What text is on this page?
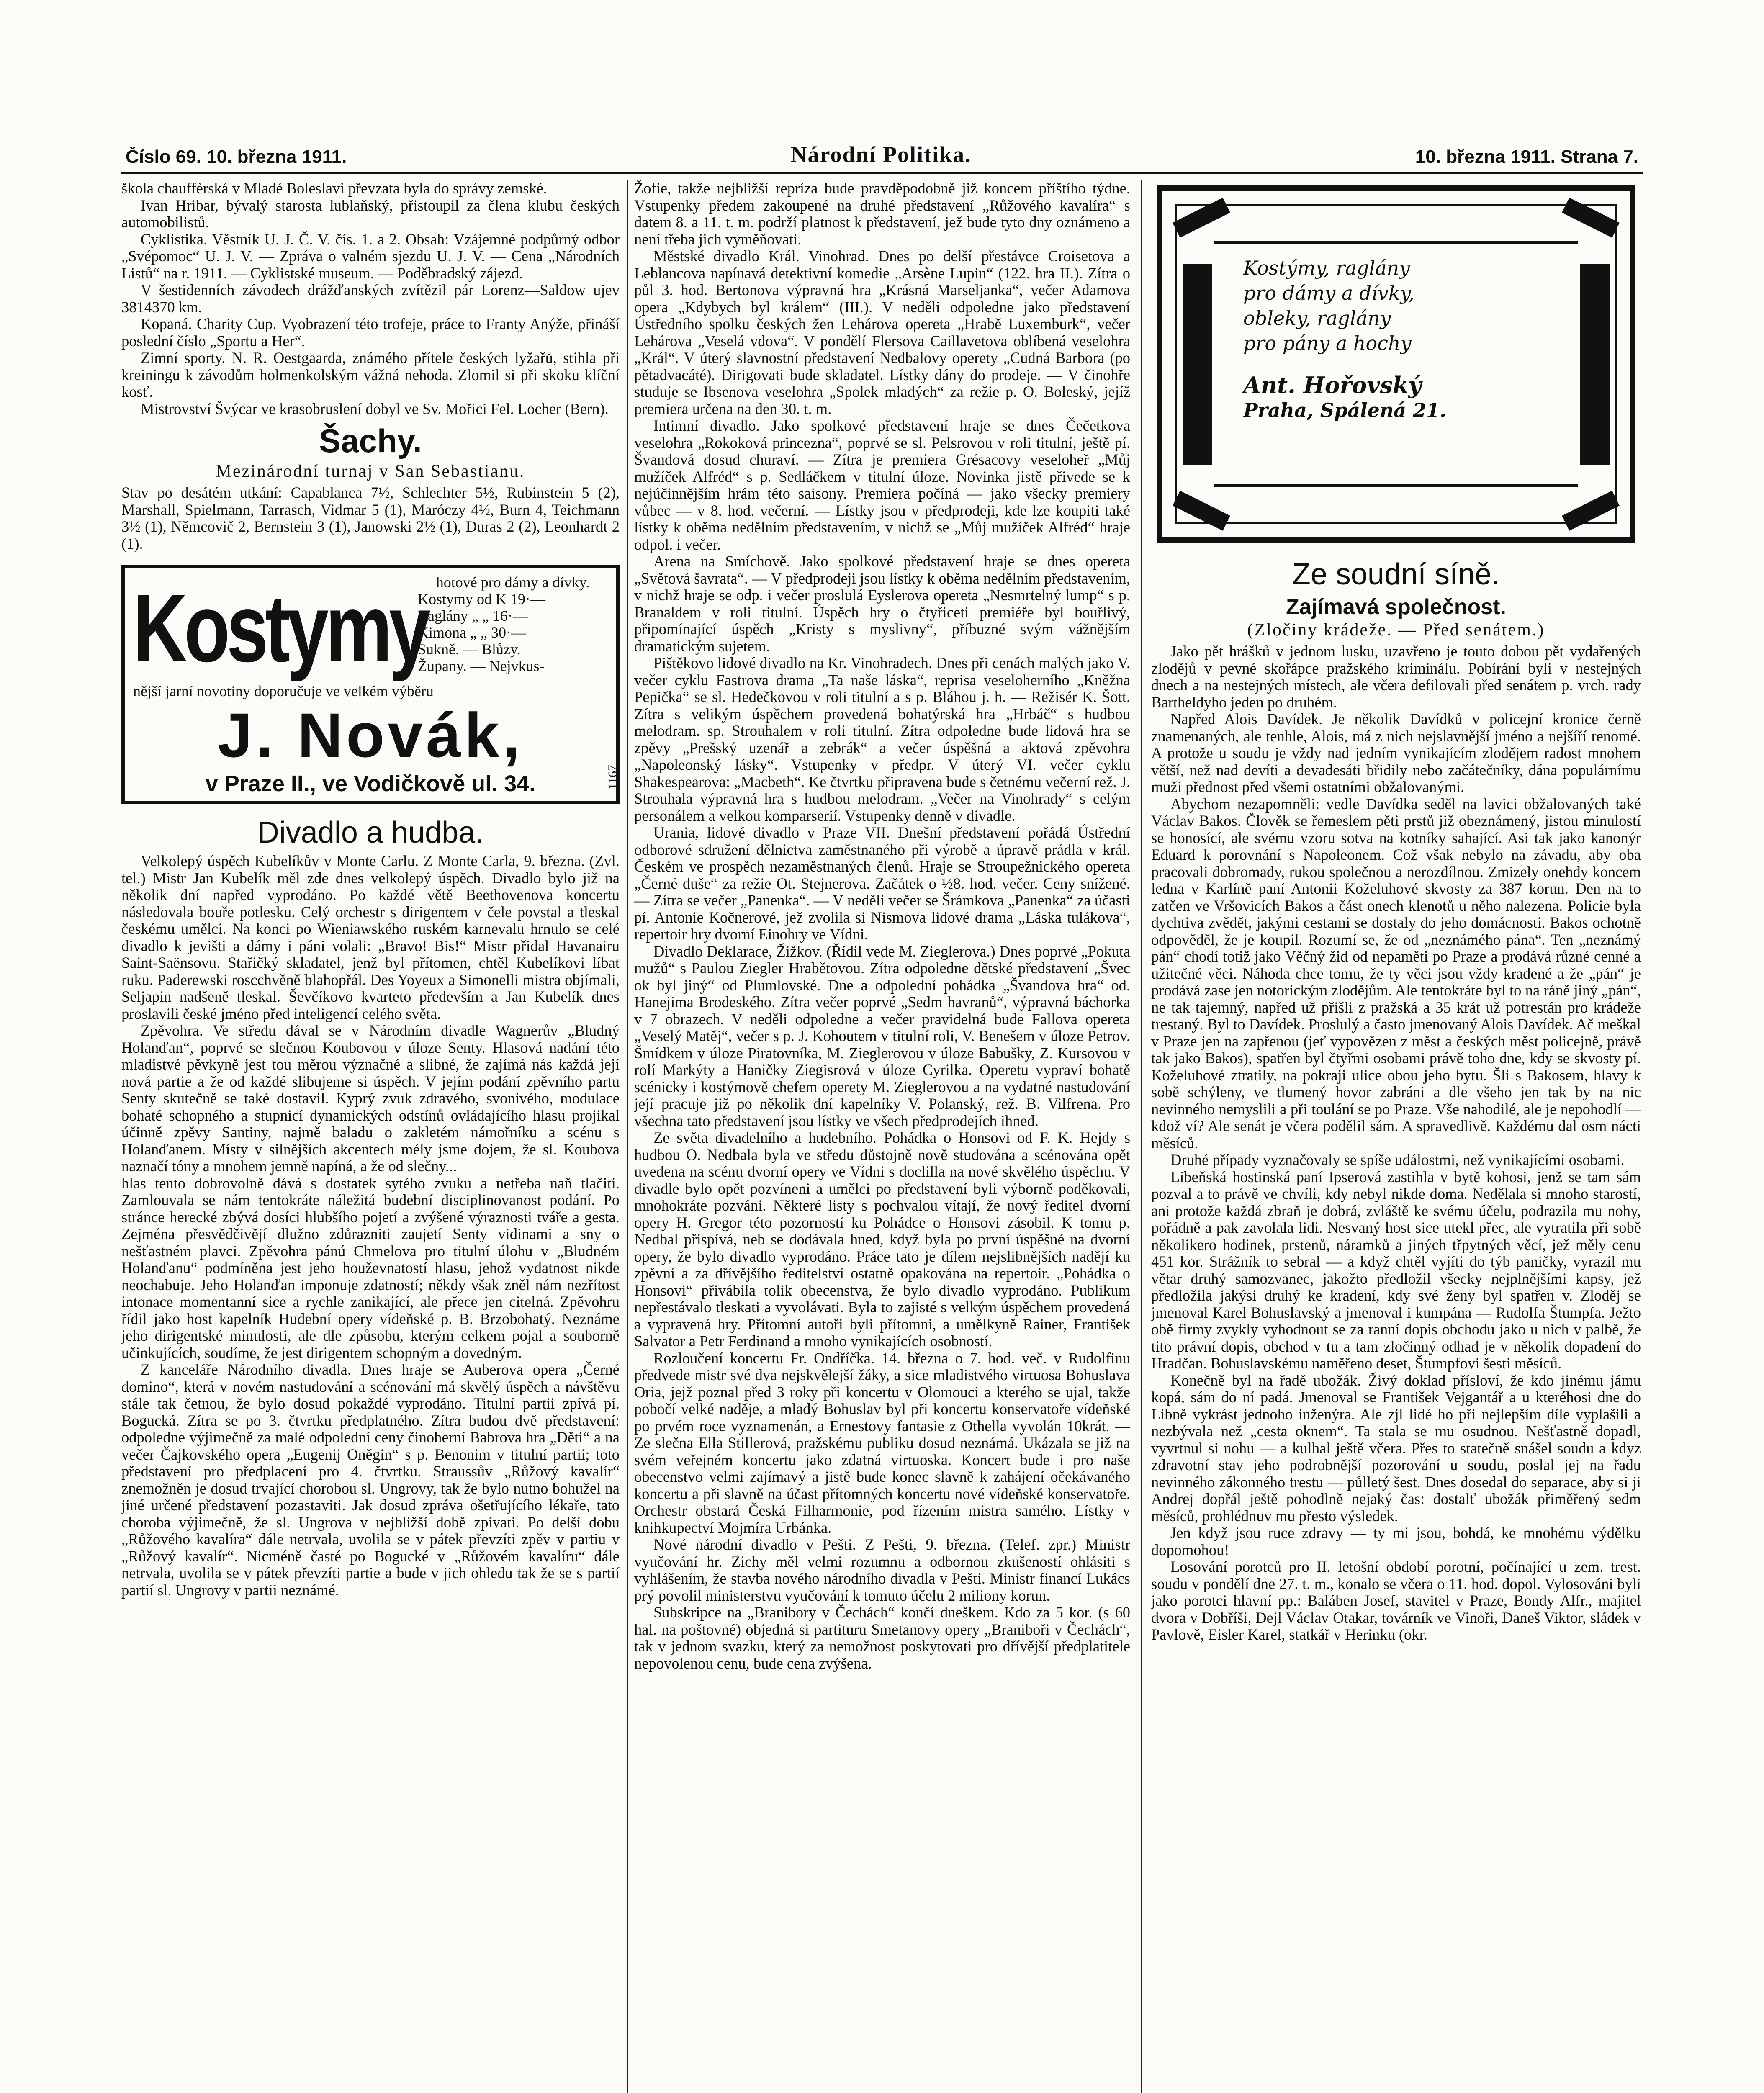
Číslo 69. 10. března 1911.	Národní Politika.	10. března 1911. Strana 7.

škola chauffèrská v Mladé Boleslavi převzata byla do správy zemské.

Ivan Hribar, bývalý starosta lublaňský, přistoupil za člena klubu českých automobilistů.

Cyklistika. Věstník U. J. Č. V. čís. 1. a 2. Obsah: Vzájemné podpůrný odbor „Svépomoc“ U. J. V. — Zpráva o valném sjezdu U. J. V. — Cena „Národních Listů“ na r. 1911. — Cyklistské museum. — Poděbradský zájezd.

V šestidenních závodech drážďanských zvítězil pár Lorenz—Saldow ujev 3814370 km.

Kopaná. Charity Cup. Vyobrazení této trofeje, práce to Franty Anýže, přináší poslední číslo „Sportu a Her“.

Zimní sporty. N. R. Oestgaarda, známého přítele českých lyžařů, stihla při kreiningu k závodům holmenkolským vážná nehoda. Zlomil si při skoku klíční kosť.

Mistrovství Švýcar ve krasobruslení dobyl ve Sv. Mořici Fel. Locher (Bern).

Šachy.
Mezinárodní turnaj v San Sebastianu.

Stav po desátém utkání: Capablanca 7½, Schlechter 5½, Rubinstein 5 (2), Marshall, Spielmann, Tarrasch, Vidmar 5 (1), Maróczy 4½, Burn 4, Teichmann 3½ (1), Němcovič 2, Bernstein 3 (1), Janowski 2½ (1), Duras 2 (2), Leonhardt 2 (1).

Kostymy hotové pro dámy a dívky.
Kostymy od K 19·—
Raglány „ „ 16·—
Kimona „ „ 30·—
Sukně. — Blůzy.
Župany. — Nejvkus-
nější jarní novotiny doporučuje ve velkém výběru
J. Novák,
1167
v Praze II., ve Vodičkově ul. 34.
Divadlo a hudba.

Velkolepý úspěch Kubelíkův v Monte Carlu. Z Monte Carla, 9. března. (Zvl. tel.) Mistr Jan Kubelík měl zde dnes velkolepý úspěch. Divadlo bylo již na několik dní napřed vyprodáno. Po každé větě Beethovenova koncertu následovala bouře potlesku. Celý orchestr s dirigentem v čele povstal a tleskal českému umělci. Na konci po Wieniawského ruském karnevalu hrnulo se celé divadlo k jevišti a dámy i páni volali: „Bravo! Bis!“ Mistr přidal Havanairu Saint-Saënsovu. Stařičký skladatel, jenž byl přítomen, chtěl Kubelíkovi líbat ruku. Paderewski roscchvěně blahopřál. Des Yoyeux a Simonelli mistra objímali, Seljapin nadšeně tleskal. Ševčíkovo kvarteto především a Jan Kubelík dnes proslavili české jméno před inteligencí celého světa.

Zpěvohra. Ve středu dával se v Národním divadle Wagnerův „Bludný Holanďan“, poprvé se slečnou Koubovou v úloze Senty. Hlasová nadání této mladistvé pěvkyně jest tou měrou význačné a slibné, že zajímá nás každá její nová partie a že od každé slibujeme si úspěch. V jejím podání zpěvního partu Senty skutečně se také dostavil. Kyprý zvuk zdravého, svonivého, modulace bohaté schopného a stupnicí dynamických odstínů ovládajícího hlasu projikal účinně zpěvy Santiny, najmě baladu o zakletém námořníku a scénu s Holanďanem. Místy v silnějších akcentech mély jsme dojem, že sl. Koubova naznačí tóny a mnohem jemně napíná, a že od slečny...

hlas tento dobrovolně dává s dostatek sytého zvuku a netřeba naň tlačiti. Zamlouvala se nám tentokráte náležitá budební disciplinovanost podání. Po stránce herecké zbývá dosíci hlubšího pojetí a zvýšené výraznosti tváře a gesta. Zejména přesvědčivějí dlužno zdůrazniti zaujetí Senty vidinami a sny o nešťastném plavci. Zpěvohra pánú Chmelova pro titulní úlohu v „Bludném Holanďanu“ podmíněna jest jeho houževnatostí hlasu, jehož vydatnost nikde neochabuje. Jeho Holanďan imponuje zdatností; někdy však zněl nám nezřítost intonace momentanní sice a rychle zanikající, ale přece jen citelná. Zpěvohru řídil jako host kapelník Hudební opery vídeňské p. B. Brzobohatý. Neznáme jeho dirigentské minulosti, ale dle způsobu, kterým celkem pojal a souborně učinkujících, soudíme, že jest dirigentem schopným a dovedným.

Z kanceláře Národního divadla. Dnes hraje se Auberova opera „Černé domino“, která v novém nastudování a scénování má skvělý úspěch a návštěvu stále tak četnou, že bylo dosud pokaždé vyprodáno. Titulní partii zpívá pí. Bogucká. Zítra se po 3. čtvrtku předplatného. Zítra budou dvě představení: odpoledne výjimečně za malé odpolední ceny činoherní Babrova hra „Děti“ a na večer Čajkovského opera „Eugenij Oněgin“ s p. Benonim v titulní partii; toto představení pro předplacení pro 4. čtvrtku. Straussův „Růžový kavalír“ znemožněn je dosud trvající chorobou sl. Ungrovy, tak že bylo nutno bohužel na jiné určené představení pozastaviti. Jak dosud zpráva ošetřujícího lékaře, tato choroba výjimečně, že sl. Ungrova v nejbližší době zpívati. Po delší dobu „Růžového kavalíra“ dále netrvala, uvolila se v pátek převzíti zpěv v partiu v „Růžový kavalír“. Nicméně časté po Bogucké v „Růžovém kavalíru“ dále netrvala, uvolila se v pátek převzíti partie a bude v jich ohledu tak že se s partií partií sl. Ungrovy v partii neznámé.

Žofie, takže nejbližší repríza bude pravděpodobně již koncem příštího týdne. Vstupenky předem zakoupené na druhé představení „Růžového kavalíra“ s datem 8. a 11. t. m. podrží platnost k představení, jež bude tyto dny oznámeno a není třeba jich vyměňovati.

Městské divadlo Král. Vinohrad. Dnes po delší přestávce Croisetova a Leblancova napínavá detektivní komedie „Arsène Lupin“ (122. hra II.). Zítra o půl 3. hod. Bertonova výpravná hra „Krásná Marseljanka“, večer Adamova opera „Kdybych byl králem“ (III.). V neděli odpoledne jako představení Ústředního spolku českých žen Lehárova opereta „Hrabě Luxemburk“, večer Lehárova „Veselá vdova“. V pondělí Flersova Caillavetova oblíbená veselohra „Král“. V úterý slavnostní představení Nedbalovy operety „Cudná Barbora (po pětadvacáté). Dirigovati bude skladatel. Lístky dány do prodeje. — V činohře studuje se Ibsenova veselohra „Spolek mladých“ za režie p. O. Boleský, jejíž premiera určena na den 30. t. m.

Intimní divadlo. Jako spolkové představení hraje se dnes Čečetkova veselohra „Rokoková princezna“, poprvé se sl. Pelsrovou v roli titulní, ještě pí. Švandová dosud churaví. — Zítra je premiera Grésacovy veseloheř „Můj mužíček Alfréd“ s p. Sedláčkem v titulní úloze. Novinka jistě přivede se k nejúčinnějším hrám této saisony. Premiera počíná — jako všecky premiery vůbec — v 8. hod. večerní. — Lístky jsou v předprodeji, kde lze koupiti také lístky k oběma nedělním představením, v nichž se „Můj mužíček Alfréd“ hraje odpol. i večer.

Arena na Smíchově. Jako spolkové představení hraje se dnes opereta „Světová šavrata“. — V předprodeji jsou lístky k oběma nedělním představením, v nichž hraje se odp. i večer proslulá Eyslerova opereta „Nesmrtelný lump“ s p. Branaldem v roli titulní. Úspěch hry o čtyřiceti premiéře byl bouřlivý, připomínající úspěch „Kristy s myslivny“, příbuzné svým vážnějším dramatickým sujetem.

Pištěkovo lidové divadlo na Kr. Vinohradech. Dnes při cenách malých jako V. večer cyklu Fastrova drama „Ta naše láska“, reprisa veseloherního „Kněžna Pepička“ se sl. Hedečkovou v roli titulní a s p. Bláhou j. h. — Režisér K. Šott. Zítra s velikým úspěchem provedená bohatýrská hra „Hrbáč“ s hudbou melodram. sp. Strouhalem v roli titulní. Zítra odpoledne bude lidová hra se zpěvy „Prešský uzenář a zebrák“ a večer úspěšná a aktová zpěvohra „Napoleonský lásky“. Vstupenky v předpr. V úterý VI. večer cyklu Shakespearova: „Macbeth“. Ke čtvrtku připravena bude s četnému večerní rež. J. Strouhala výpravná hra s hudbou melodram. „Večer na Vinohrady“ s celým personálem a velkou komparserií. Vstupenky denně v divadle.

Urania, lidové divadlo v Praze VII. Dnešní představení pořádá Ústřední odborové sdružení dělnictva zaměstnaného při výrobě a úpravě prádla v král. Českém ve prospěch nezaměstnaných členů. Hraje se Stroupežnického opereta „Černé duše“ za režie Ot. Stejnerova. Začátek o ½8. hod. večer. Ceny snížené. — Zítra se večer „Panenka“. — V neděli večer se Šrámkova „Panenka“ za účasti pí. Antonie Kočnerové, jež zvolila si Nismova lidové drama „Láska tulákova“, repertoir hry dvorní Einohry ve Vídni.

Divadlo Deklarace, Žižkov. (Řídil vede M. Zieglerova.) Dnes poprvé „Pokuta mužů“ s Paulou Ziegler Hrabětovou. Zítra odpoledne dětské představení „Švec ok byl jiný“ od Plumlovské. Dne a odpolední pohádka „Švandova hra“ od. Hanejima Brodeského. Zítra večer poprvé „Sedm havranů“, výpravná báchorka v 7 obrazech. V neděli odpoledne a večer pravidelná bude Fallova opereta „Veselý Matěj“, večer s p. J. Kohoutem v titulní roli, V. Benešem v úloze Petrov. Šmídkem v úloze Piratovníka, M. Zieglerovou v úloze Babušky, Z. Kursovou v rolí Markýty a Haničky Ziegisrová v úloze Cyrilka. Operetu vypraví bohatě scénicky i kostýmově chefem operety M. Zieglerovou a na vydatné nastudování její pracuje již po několik dní kapelníky V. Polanský, rež. B. Vilfrena. Pro všechna tato představení jsou lístky ve všech předprodejích ihned.

Ze světa divadelního a hudebního. Pohádka o Honsovi od F. K. Hejdy s hudbou O. Nedbala byla ve středu důstojně nově studována a scénována opět uvedena na scénu dvorní opery ve Vídni s doclilla na nové skvělého úspěchu. V divadle bylo opět pozvíneni a umělci po představení byli výborně poděkovali, mnohokráte pozváni. Některé listy s pochvalou vítají, že nový ředitel dvorní opery H. Gregor této pozorností ku Pohádce o Honsovi zásobil. K tomu p. Nedbal přispívá, neb se dodávala hned, když byla po první úspěšné na dvorní opery, že bylo divadlo vyprodáno. Práce tato je dílem nejslibnějších nadějí ku zpěvní a za dřívějšího ředitelství ostatně opakována na repertoir. „Pohádka o Honsovi“ přivábila tolik obecenstva, že bylo divadlo vyprodáno. Publikum nepřestávalo tleskati a vyvolávati. Byla to zajisté s velkým úspěchem provedená a vypravená hry. Přítomní autoři byli přítomni, a umělkyně Rainer, František Salvator a Petr Ferdinand a mnoho vynikajících osobností.

Rozloučení koncertu Fr. Ondříčka. 14. března o 7. hod. več. v Rudolfinu předvede mistr své dva nejskvělejší žáky, a sice mladistvého virtuosa Bohuslava Oria, jejž poznal před 3 roky při koncertu v Olomouci a kterého se ujal, takže pobočí velké naděje, a mladý Bohuslav byl při koncertu konservatoře vídeňské po prvém roce vyznamenán, a Ernestovy fantasie z Othella vyvolán 10krát. — Ze slečna Ella Stillerová, pražskému publiku dosud neznámá. Ukázala se již na svém veřejném koncertu jako zdatná virtuoska. Koncert bude i pro naše obecenstvo velmi zajímavý a jistě bude konec slavně k zahájení očekávaného koncertu a při slavně na účast přítomných koncertu nové vídeňské konservatoře. Orchestr obstará Česká Filharmonie, pod řízením mistra samého. Lístky v knihkupectví Mojmíra Urbánka.

Nové národní divadlo v Pešti. Z Pešti, 9. března. (Telef. zpr.) Ministr vyučování hr. Zichy měl velmi rozumnu a odbornou zkušeností ohlásiti s vyhlášením, že stavba nového národního divadla v Pešti. Ministr financí Lukács prý povolil ministerstvu vyučování k tomuto účelu 2 miliony korun.

Subskripce na „Branibory v Čechách“ končí dneškem. Kdo za 5 kor. (s 60 hal. na poštovné) objedná si partituru Smetanovy opery „Braniboři v Čechách“, tak v jednom svazku, který za nemožnost poskytovati pro dřívější předplatitele nepovolenou cenu, bude cena zvýšena.

Kostýmy, raglány
pro dámy a dívky,
obleky, raglány
pro pány a hochy
Ant. Hořovský
Praha, Spálená 21.
Ze soudní síně.
Zajímavá společnost.
(Zločiny krádeže. — Před senátem.)

Jako pět hrášků v jednom lusku, uzavřeno je touto dobou pět vydařených zlodějů v pevné skořápce pražského kriminálu. Pobírání byli v nestejných dnech a na nestejných místech, ale včera defilovali před senátem p. vrch. rady Bartheldyho jeden po druhém.

Napřed Alois Davídek. Je několik Davídků v policejní kronice černě znamenaných, ale tenhle, Alois, má z nich nejslavnější jméno a nejšíří renomé. A protože u soudu je vždy nad jedním vynikajícím zlodějem radost mnohem větší, než nad devíti a devadesáti břidily nebo začátečníky, dána populárnímu muži přednost před všemi ostatními obžalovanými.

Abychom nezapomněli: vedle Davídka seděl na lavici obžalovaných také Václav Bakos. Člověk se řemeslem pěti prstů již obeznámený, jistou minulostí se honosící, ale svému vzoru sotva na kotníky sahající. Asi tak jako kanonýr Eduard k porovnání s Napoleonem. Což však nebylo na závadu, aby oba pracovali dobromady, rukou společnou a nerozdílnou. Zmizely onehdy koncem ledna v Karlíně paní Antonii Koželuhové skvosty za 387 korun. Den na to zatčen ve Vršovicích Bakos a část onech klenotů u něho nalezena. Policie byla dychtiva zvědět, jakými cestami se dostaly do jeho domácnosti. Bakos ochotně odpověděl, že je koupil. Rozumí se, že od „neznámého pána“. Ten „neznámý pán“ chodí totiž jako Věčný žid od nepaměti po Praze a prodává různé cenné a užitečné věci. Náhoda chce tomu, že ty věci jsou vždy kradené a že „pán“ je prodává zase jen notorickým zlodějům. Ale tentokráte byl to na ráně jiný „pán“, ne tak tajemný, napřed už přišli z pražská a 35 krát už potrestán pro krádeže trestaný. Byl to Davídek. Proslulý a často jmenovaný Alois Davídek. Ač meškal v Praze jen na zapřenou (jeť vypovězen z měst a českých měst policejně, právě tak jako Bakos), spatřen byl čtyřmi osobami právě toho dne, kdy se skvosty pí. Koželuhové ztratily, na pokraji ulice obou jeho bytu. Šli s Bakosem, hlavy k sobě schýleny, ve tlumený hovor zabráni a dle všeho jen tak by na nic nevinného nemyslili a při toulání se po Praze. Vše nahodilé, ale je nepohodlí — kdož ví? Ale senát je včera podělil sám. A spravedlivě. Každému dal osm nácti měsíců.

Druhé případy vyznačovaly se spíše událostmi, než vynikajícími osobami.

Libeňská hostinská paní Ipserová zastihla v bytě kohosi, jenž se tam sám pozval a to právě ve chvíli, kdy nebyl nikde doma. Nedělala si mnoho starostí, ani protože každá zbraň je dobrá, zvláště ke svému účelu, podrazila mu nohy, pořádně a pak zavolala lidi. Nesvaný host sice utekl přec, ale vytratila při sobě několikero hodinek, prstenů, náramků a jiných třpytných věcí, jež měly cenu 451 kor. Strážník to sebral — a když chtěl vyjíti do týb paničky, vyrazil mu větar druhý samozvanec, jakožto předložil všecky nejplnějšími kapsy, jež předložila jakýsi druhý ke kradení, kdy své ženy byl spatřen v. Zloděj se jmenoval Karel Bohuslavský a jmenoval i kumpána — Rudolfa Štumpfa. Ježto obě firmy zvykly vyhodnout se za ranní dopis obchodu jako u nich v palbě, že tito právní dopis, obchod v tu a tam zločinný odhad je v několik dopadení do Hradčan. Bohuslavskému naměřeno deset, Štumpfovi šesti měsíců.

Konečně byl na řadě ubožák. Živý doklad přísloví, že kdo jinému jámu kopá, sám do ní padá. Jmenoval se František Vejgantář a u kteréhosi dne do Libně vykrást jednoho inženýra. Ale zjl lidé ho při nejlepším díle vyplašili a nezbývala než „cesta oknem“. Ta stala se mu osudnou. Nešťastně dopadl, vyvrtnul si nohu — a kulhal ještě včera. Přes to statečně snášel soudu a kdyz zdravotní stav jeho podrobnější pozorování u soudu, poslal jej na řadu nevinného zákonného trestu — půlletý šest. Dnes dosedal do separace, aby si ji Andrej dopřál ještě pohodlně nejaký čas: dostalť ubožák přiměřený sedm měsíců, prohlédnuv mu přesto výsledek.

Jen když jsou ruce zdravy — ty mi jsou, bohdá, ke mnohému výdělku dopomohou!

Losování porotců pro II. letošní období porotní, počínající u zem. trest. soudu v pondělí dne 27. t. m., konalo se včera o 11. hod. dopol. Vylosováni byli jako porotci hlavní pp.: Baláben Josef, stavitel v Praze, Bondy Alfr., majitel dvora v Dobříši, Dejl Václav Otakar, továrník ve Vinoři, Daneš Viktor, sládek v Pavlově, Eisler Karel, statkář v Herinku (okr.
